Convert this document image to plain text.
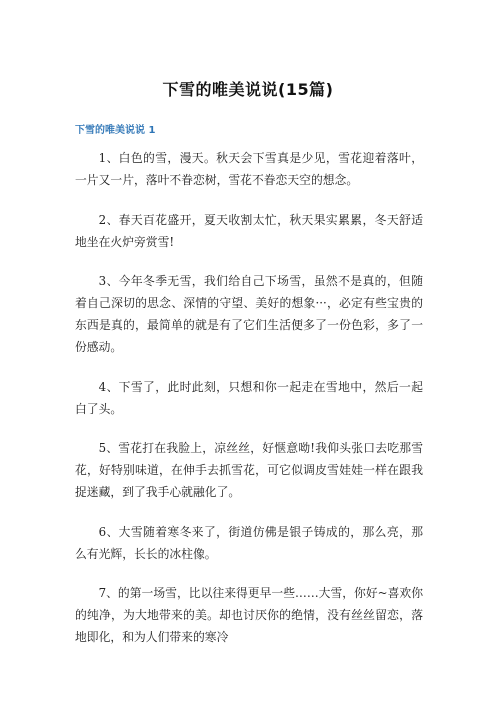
下雪的唯美说说(15篇)
下雪的唯美说说 1

1、白色的雪，漫天。秋天会下雪真是少见，雪花迎着落叶，一片又一片，落叶不眷恋树，雪花不眷恋天空的想念。

2、春天百花盛开，夏天收割太忙，秋天果实累累，冬天舒适地坐在火炉旁赏雪!

3、今年冬季无雪，我们给自己下场雪，虽然不是真的，但随着自己深切的思念、深情的守望、美好的想象···，必定有些宝贵的东西是真的，最简单的就是有了它们生活便多了一份色彩，多了一份感动。

4、下雪了，此时此刻，只想和你一起走在雪地中，然后一起白了头。

5、雪花打在我脸上，凉丝丝，好惬意呦!我仰头张口去吃那雪花，好特别味道，在伸手去抓雪花，可它似调皮雪娃娃一样在跟我捉迷藏，到了我手心就融化了。

6、大雪随着寒冬来了，街道仿佛是银子铸成的，那么亮，那么有光辉，长长的冰柱像。

7、的第一场雪，比以往来得更早一些……大雪，你好~喜欢你的纯净，为大地带来的美。却也讨厌你的绝情，没有丝丝留恋，落地即化，和为人们带来的寒冷
